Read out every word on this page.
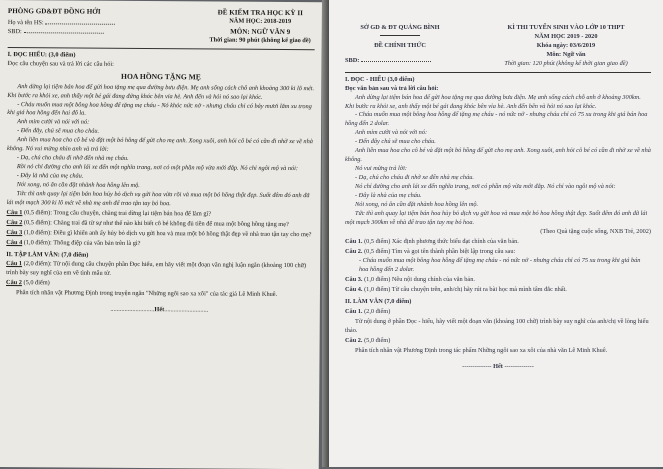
PHÒNG GD&ĐT ĐỒNG HỚI
Họ và tên HS:
SBD:
ĐỀ KIỂM TRA HỌC KỲ II
NĂM HỌC: 2018-2019
MÔN: NGỮ VĂN 9
Thời gian: 90 phút (không kể giao đề)
I. ĐỌC HIỂU: (3,0 điểm)
Đọc câu chuyện sau và trả lời các câu hỏi:
HOA HỒNG TẶNG MẸ

Anh dừng lại tiệm bán hoa để gửi hoa tặng mẹ qua đường bưu điện. Mẹ anh sống cách chỗ anh khoảng 300 ki lô mét. Khi bước ra khỏi xe, anh thấy một bé gái đang đứng khóc bên vỉa hè. Anh đến và hỏi nó sao lại khóc.

- Cháu muốn mua một bông hoa hồng để tặng mẹ cháu - Nó khóc nức nở - nhưng cháu chỉ có bảy mươi lăm xu trong khi giá hoa hồng đến hai đô la.

Anh mỉm cười và nói với nó:

- Đến đây, chú sẽ mua cho cháu.

Anh liền mua hoa cho cô bé và đặt một bó hồng để gửi cho mẹ anh. Xong xuôi, anh hỏi cô bé có cần đi nhờ xe về nhà không. Nó vui mừng nhìn anh và trả lời:

- Dạ, chú cho cháu đi nhờ đến nhà mẹ cháu.

Rồi nó chỉ đường cho anh lái xe đến một nghĩa trang, nơi có một phần mộ vừa mới đắp. Nó chỉ ngôi mộ và nói:

- Đây là nhà của mẹ cháu.

Nói xong, nó ân cần đặt nhành hoa hồng lên mộ.

Tức thì anh quay lại tiệm bán hoa hủy bỏ dịch vụ gửi hoa vừa rồi và mua một bó hồng thật đẹp. Suốt đêm đó anh đã lái một mạch 300 ki lô mét về nhà mẹ anh để trao tận tay bó hoa.

Câu 1 (0,5 điểm): Trong câu chuyện, chàng trai dừng lại tiệm bán hoa để làm gì?
Câu 2 (0,5 điểm): Chàng trai đã từ sự như thế nào khi biết cô bé không đủ tiền để mua một bông hồng tặng mẹ?
Câu 3 (1,0 điểm): Điều gì khiến anh ấy hủy bỏ dịch vụ gửi hoa và mua một bó hồng thật đẹp về nhà trao tận tay cho mẹ?
Câu 4 (1,0 điểm): Thông điệp của văn bản trên là gì?
II. TẬP LÀM VĂN: (7,0 điểm)
Câu 1 (2,0 điểm): Từ nội dung câu chuyện phần Đọc hiểu, em hãy viết một đoạn văn nghị luận ngắn (khoảng 100 chữ) trình bày suy nghĩ của em về tình mẫu tử.
Câu 2 (5,0 điểm)

Phân tích nhân vật Phương Định trong truyện ngắn "Những ngôi sao xa xôi" của tác giả Lê Minh Khuê.

............................Hết............................
SỞ GD & ĐT QUẢNG BÌNH
ĐỀ CHÍNH THỨC
SBD:
KÌ THI TUYỂN SINH VÀO LỚP 10 THPT
NĂM HỌC 2019 - 2020
Khóa ngày: 03/6/2019
Môn: Ngữ văn
Thời gian: 120 phút (không kể thời gian giao đề)
I. ĐỌC - HIỂU (3,0 điểm)
Đọc văn bản sau và trả lời câu hỏi:

Anh dừng lại tiệm bán hoa để gửi hoa tặng mẹ qua đường bưu điện. Mẹ anh sống cách chỗ anh ở khoảng 300km. Khi bước ra khỏi xe, anh thấy một bé gái đang khóc bên vỉa hè. Anh đến bên và hỏi nó sao lại khóc.

- Cháu muốn mua một bông hoa hồng để tặng mẹ cháu - nó nức nở - nhưng cháu chỉ có 75 xu trong khi giá bán hoa hồng đến 2 dolar.

Anh mỉm cười và nói với nó:

- Đến đây chú sẽ mua cho cháu.

Anh liền mua hoa cho cô bé và đặt một bó hồng để gửi cho mẹ anh. Xong xuôi, anh hỏi cô bé có cần đi nhờ xe về nhà không.

Nó vui mừng trả lời:

- Dạ, chú cho cháu đi nhờ xe đến nhà mẹ cháu.

Nó chỉ đường cho anh lái xe đến nghĩa trang, nơi có phần mộ vừa mới đắp. Nó chỉ vào ngôi mộ và nói:

- Đây là nhà của mẹ cháu.

Nói xong, nó ân cần đặt nhành hoa hồng lên mộ.

Tức thì anh quay lại tiệm bán hoa hủy bỏ dịch vụ gửi hoa và mua một bó hoa hồng thật đẹp. Suốt đêm đó anh đã lái một mạch 300km về nhà để trao tận tay mẹ bó hoa.

(Theo Quà tặng cuộc sống, NXB Trẻ, 2002)
Câu 1. (0,5 điểm) Xác định phương thức biểu đạt chính của văn bản.
Câu 2. (0,5 điểm) Tìm và gọi tên thành phần biệt lập trong câu sau:
- Cháu muốn mua một bông hoa hồng để tặng mẹ cháu - nó nức nở - nhưng cháu chỉ có 75 xu trong khi giá bán hoa hồng đến 2 dolar.
Câu 3. (1,0 điểm) Nêu nội dung chính của văn bản.
Câu 4. (1,0 điểm) Từ câu chuyện trên, anh/chị hãy rút ra bài học mà mình tâm đắc nhất.
II. LÀM VĂN (7,0 điểm)
Câu 1. (2,0 điểm)

Từ nội dung ở phần Đọc - hiểu, hãy viết một đoạn văn (khoảng 100 chữ) trình bày suy nghĩ của anh/chị về lòng hiếu thảo.

Câu 2. (5,0 điểm)

Phân tích nhân vật Phương Định trong tác phẩm Những ngôi sao xa xôi của nhà văn Lê Minh Khuê.

-------------- Hết --------------
